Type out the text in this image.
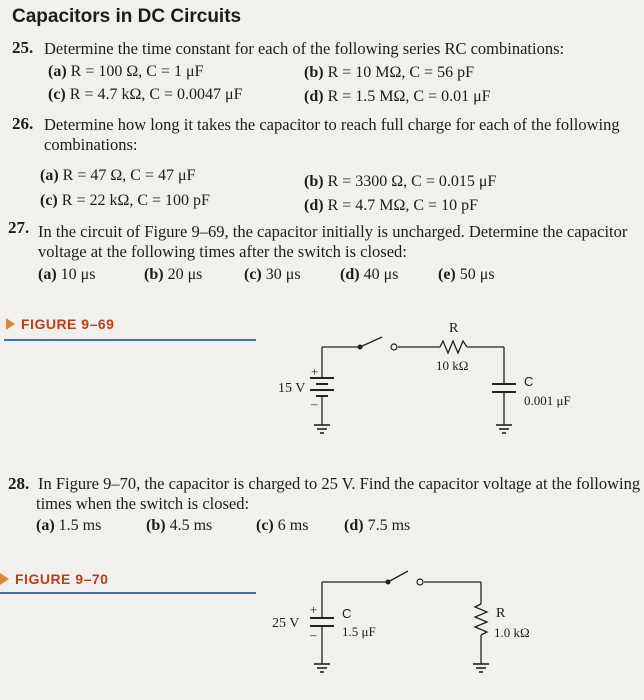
Capacitors in DC Circuits
25. Determine the time constant for each of the following series RC combinations:
(a) R = 100 Ω, C = 1 μF	(b) R = 10 MΩ, C = 56 pF
(c) R = 4.7 kΩ, C = 0.0047 μF	(d) R = 1.5 MΩ, C = 0.01 μF
26. Determine how long it takes the capacitor to reach full charge for each of the following
combinations:
(a) R = 47 Ω, C = 47 μF	(b) R = 3300 Ω, C = 0.015 μF
(c) R = 22 kΩ, C = 100 pF	(d) R = 4.7 MΩ, C = 10 pF
27. In the circuit of Figure 9–69, the capacitor initially is uncharged. Determine the capacitor
voltage at the following times after the switch is closed:
(a) 10 μs	(b) 20 μs	(c) 30 μs (d) 40 μs (e) 50 μs
FIGURE 9–69
+
–
15 V
R
10 kΩ
C
0.001 μF
28. In Figure 9–70, the capacitor is charged to 25 V. Find the capacitor voltage at the following
times when the switch is closed:
(a) 1.5 ms	(b) 4.5 ms	(c) 6 ms (d) 7.5 ms
FIGURE 9–70
+
–
25 V
C
1.5 μF
R
1.0 kΩ
